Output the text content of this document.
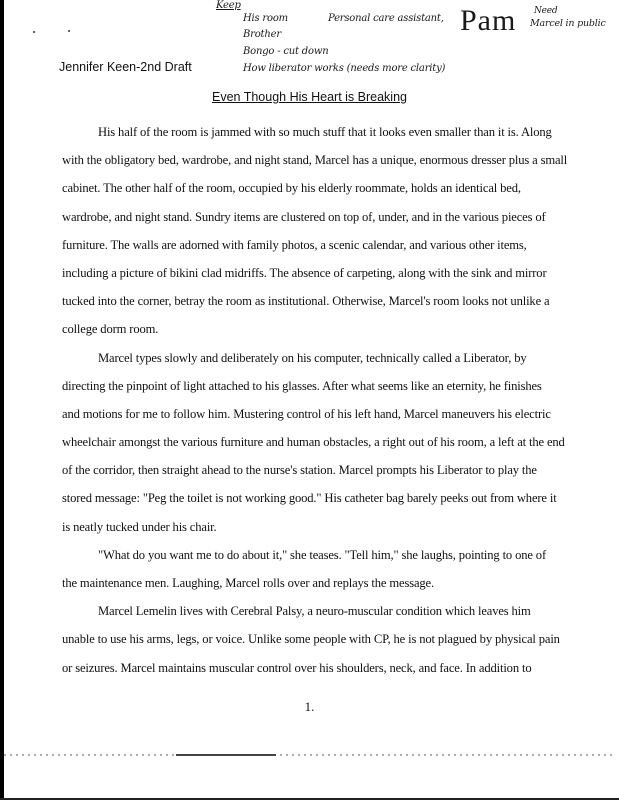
Keep
His room
Brother
Bongo - cut down
How liberator works (needs more clarity)
Personal care assistant, Pam Need
Marcel in public
Jennifer Keen-2nd Draft
Even Though His Heart is Breaking
His half of the room is jammed with so much stuff that it looks even smaller than it is. Along
with the obligatory bed, wardrobe, and night stand, Marcel has a unique, enormous dresser plus a small
cabinet. The other half of the room, occupied by his elderly roommate, holds an identical bed,
wardrobe, and night stand. Sundry items are clustered on top of, under, and in the various pieces of
furniture. The walls are adorned with family photos, a scenic calendar, and various other items,
including a picture of bikini clad midriffs. The absence of carpeting, along with the sink and mirror
tucked into the corner, betray the room as institutional. Otherwise, Marcel's room looks not unlike a
college dorm room.
Marcel types slowly and deliberately on his computer, technically called a Liberator, by
directing the pinpoint of light attached to his glasses. After what seems like an eternity, he finishes
and motions for me to follow him. Mustering control of his left hand, Marcel maneuvers his electric
wheelchair amongst the various furniture and human obstacles, a right out of his room, a left at the end
of the corridor, then straight ahead to the nurse's station. Marcel prompts his Liberator to play the
stored message: "Peg the toilet is not working good." His catheter bag barely peeks out from where it
is neatly tucked under his chair.
"What do you want me to do about it," she teases. "Tell him," she laughs, pointing to one of
the maintenance men. Laughing, Marcel rolls over and replays the message.
Marcel Lemelin lives with Cerebral Palsy, a neuro-muscular condition which leaves him
unable to use his arms, legs, or voice. Unlike some people with CP, he is not plagued by physical pain
or seizures. Marcel maintains muscular control over his shoulders, neck, and face. In addition to
1.
